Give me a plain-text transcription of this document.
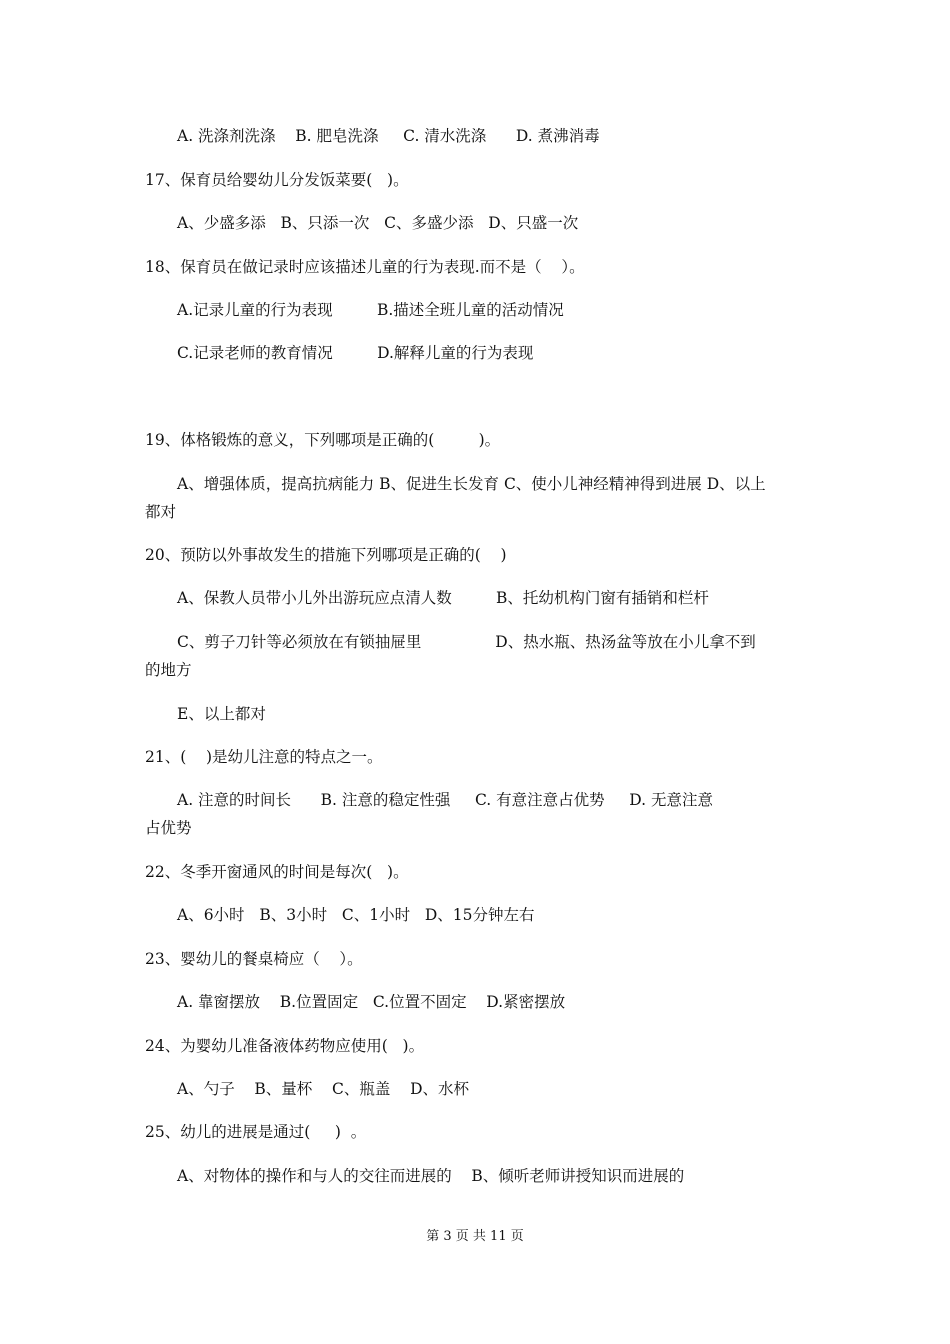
A. 洗涤剂洗涤    B. 肥皂洗涤     C. 清水洗涤      D. 煮沸消毒
17、保育员给婴幼儿分发饭菜要(   )。
A、少盛多添   B、只添一次   C、多盛少添   D、只盛一次
18、保育员在做记录时应该描述儿童的行为表现.而不是（    ）。
A.记录儿童的行为表现         B.描述全班儿童的活动情况
C.记录老师的教育情况         D.解释儿童的行为表现
19、体格锻炼的意义，下列哪项是正确的(         )。
A、增强体质，提高抗病能力 B、促进生长发育 C、使小儿神经精神得到进展 D、以上
都对
20、预防以外事故发生的措施下列哪项是正确的(    )
A、保教人员带小儿外出游玩应点清人数         B、托幼机构门窗有插销和栏杆
C、剪子刀针等必须放在有锁抽屉里               D、热水瓶、热汤盆等放在小儿拿不到
的地方
E、以上都对
21、(    )是幼儿注意的特点之一。
A. 注意的时间长      B. 注意的稳定性强     C. 有意注意占优势     D. 无意注意
占优势
22、冬季开窗通风的时间是每次(   )。
A、6小时   B、3小时   C、1小时   D、15分钟左右
23、婴幼儿的餐桌椅应（    ）。
A. 靠窗摆放    B.位置固定   C.位置不固定    D.紧密摆放
24、为婴幼儿准备液体药物应使用(   )。
A、勺子    B、量杯    C、瓶盖    D、水杯
25、幼儿的进展是通过(     )  。
A、对物体的操作和与人的交往而进展的    B、倾听老师讲授知识而进展的
第 3 页 共 11 页
